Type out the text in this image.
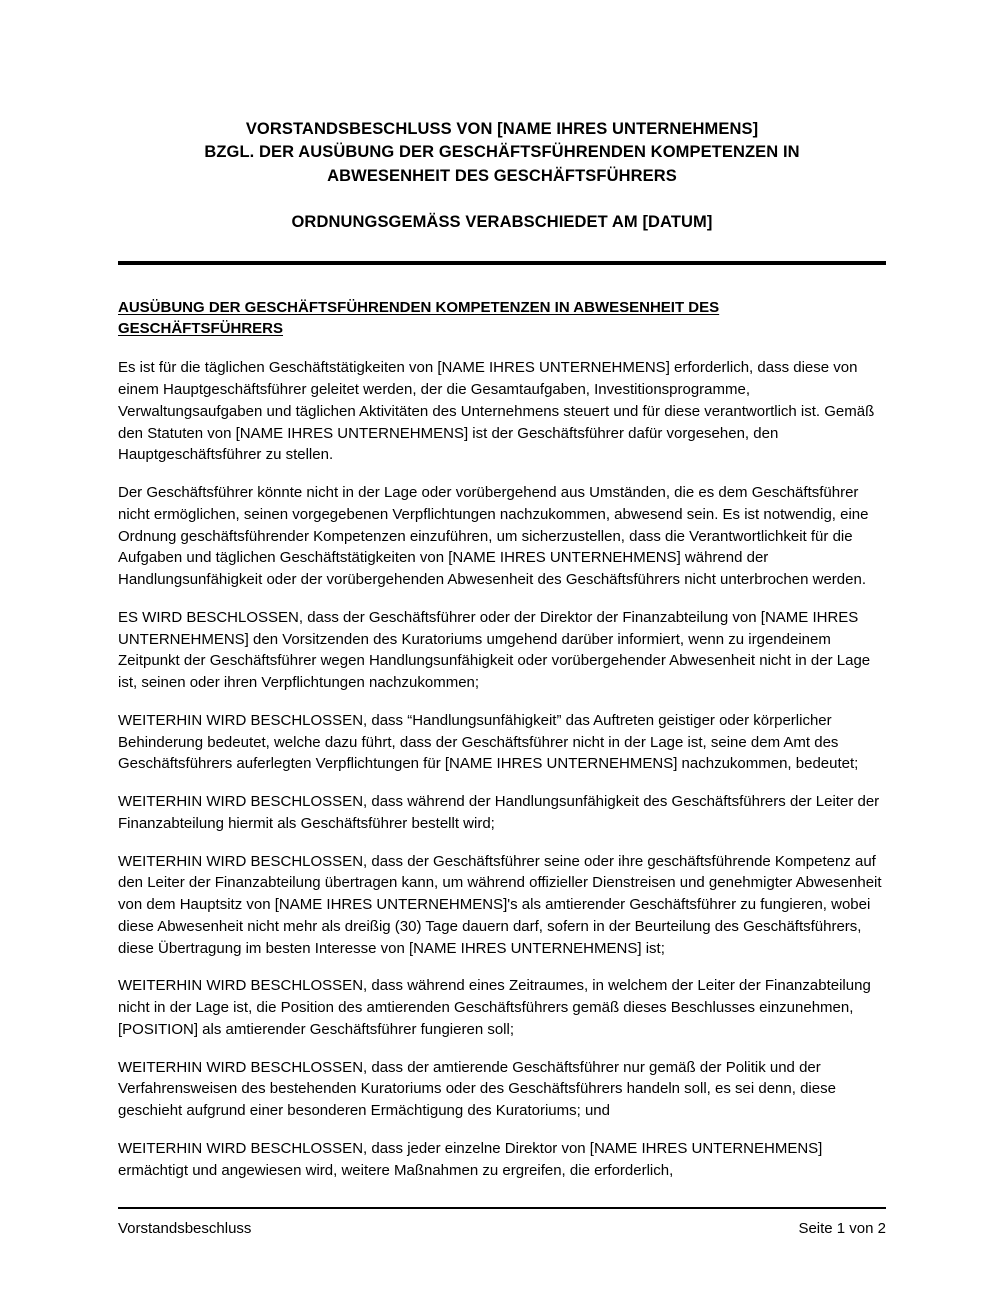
VORSTANDSBESCHLUSS VON [NAME IHRES UNTERNEHMENS]
BZGL. DER AUSÜBUNG DER GESCHÄFTSFÜHRENDEN KOMPETENZEN IN
ABWESENHEIT DES GESCHÄFTSFÜHRERS
ORDNUNGSGEMÄSS VERABSCHIEDET AM [DATUM]
AUSÜBUNG DER GESCHÄFTSFÜHRENDEN KOMPETENZEN IN ABWESENHEIT DES GESCHÄFTSFÜHRERS

Es ist für die täglichen Geschäftstätigkeiten von [NAME IHRES UNTERNEHMENS] erforderlich, dass diese von einem Hauptgeschäftsführer geleitet werden, der die Gesamtaufgaben, Investitionsprogramme, Verwaltungsaufgaben und täglichen Aktivitäten des Unternehmens steuert und für diese verantwortlich ist. Gemäß den Statuten von [NAME IHRES UNTERNEHMENS] ist der Geschäftsführer dafür vorgesehen, den Hauptgeschäftsführer zu stellen.

Der Geschäftsführer könnte nicht in der Lage oder vorübergehend aus Umständen, die es dem Geschäftsführer nicht ermöglichen, seinen vorgegebenen Verpflichtungen nachzukommen, abwesend sein. Es ist notwendig, eine Ordnung geschäftsführender Kompetenzen einzuführen, um sicherzustellen, dass die Verantwortlichkeit für die Aufgaben und täglichen Geschäftstätigkeiten von [NAME IHRES UNTERNEHMENS] während der Handlungsunfähigkeit oder der vorübergehenden Abwesenheit des Geschäftsführers nicht unterbrochen werden.

ES WIRD BESCHLOSSEN, dass der Geschäftsführer oder der Direktor der Finanzabteilung von [NAME IHRES UNTERNEHMENS] den Vorsitzenden des Kuratoriums umgehend darüber informiert, wenn zu irgendeinem Zeitpunkt der Geschäftsführer wegen Handlungsunfähigkeit oder vorübergehender Abwesenheit nicht in der Lage ist, seinen oder ihren Verpflichtungen nachzukommen;

WEITERHIN WIRD BESCHLOSSEN, dass “Handlungsunfähigkeit” das Auftreten geistiger oder körperlicher Behinderung bedeutet, welche dazu führt, dass der Geschäftsführer nicht in der Lage ist, seine dem Amt des Geschäftsführers auferlegten Verpflichtungen für [NAME IHRES UNTERNEHMENS] nachzukommen, bedeutet;

WEITERHIN WIRD BESCHLOSSEN, dass während der Handlungsunfähigkeit des Geschäftsführers der Leiter der Finanzabteilung hiermit als Geschäftsführer bestellt wird;

WEITERHIN WIRD BESCHLOSSEN, dass der Geschäftsführer seine oder ihre geschäftsführende Kompetenz auf den Leiter der Finanzabteilung übertragen kann, um während offizieller Dienstreisen und genehmigter Abwesenheit von dem Hauptsitz von [NAME IHRES UNTERNEHMENS]'s als amtierender Geschäftsführer zu fungieren, wobei diese Abwesenheit nicht mehr als dreißig (30) Tage dauern darf, sofern in der Beurteilung des Geschäftsführers, diese Übertragung im besten Interesse von [NAME IHRES UNTERNEHMENS] ist;

WEITERHIN WIRD BESCHLOSSEN, dass während eines Zeitraumes, in welchem der Leiter der Finanzabteilung nicht in der Lage ist, die Position des amtierenden Geschäftsführers gemäß dieses Beschlusses einzunehmen, [POSITION] als amtierender Geschäftsführer fungieren soll;

WEITERHIN WIRD BESCHLOSSEN, dass der amtierende Geschäftsführer nur gemäß der Politik und der Verfahrensweisen des bestehenden Kuratoriums oder des Geschäftsführers handeln soll, es sei denn, diese geschieht aufgrund einer besonderen Ermächtigung des Kuratoriums; und

WEITERHIN WIRD BESCHLOSSEN, dass jeder einzelne Direktor von [NAME IHRES UNTERNEHMENS] ermächtigt und angewiesen wird, weitere Maßnahmen zu ergreifen, die erforderlich,

Vorstandsbeschluss	Seite 1 von 2
